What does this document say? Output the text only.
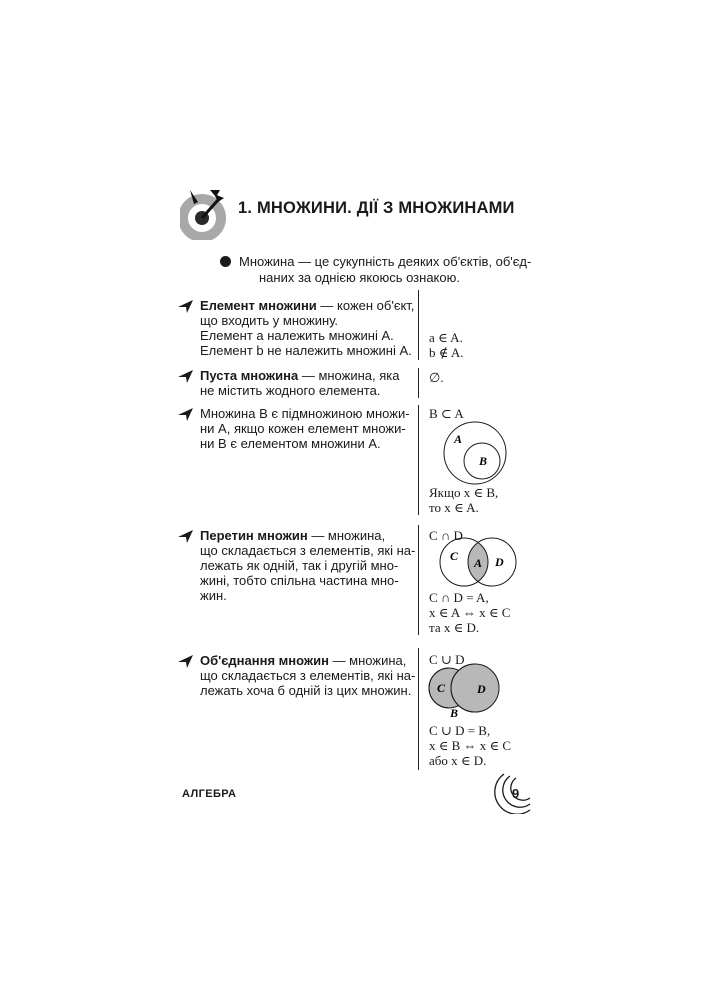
1. МНОЖИНИ. ДІЇ З МНОЖИНАМИ
Множина — це сукупність деяких об'єктів, об'єд-
наних за однією якоюсь ознакою.
Елемент множини — кожен об'єкт,
що входить у множину.
Елемент a належить множині A.
Елемент b не належить множині A.
a ∈ A.
b ∉ A.
Пуста множина — множина, яка
не містить жодного елемента.
∅.
Множина B є підмножиною множи-
ни A, якщо кожен елемент множи-
ни B є елементом множини A.
B ⊂ A
A
B
Якщо x ∈ B,
то x ∈ A.
Перетин множин — множина,
що складається з елементів, які на-
лежать як одній, так і другій мно-
жині, тобто спільна частина мно-
жин.
C ∩ D
C A D
C ∩ D = A,
x ∈ A ⇔ x ∈ C
та x ∈ D.
Об'єднання множин — множина,
що складається з елементів, які на-
лежать хоча б одній із цих множин.
C ∪ D
C	D
B
C ∪ D = B,
x ∈ B ⇔ x ∈ C
або x ∈ D.
АЛГЕБРА	9
